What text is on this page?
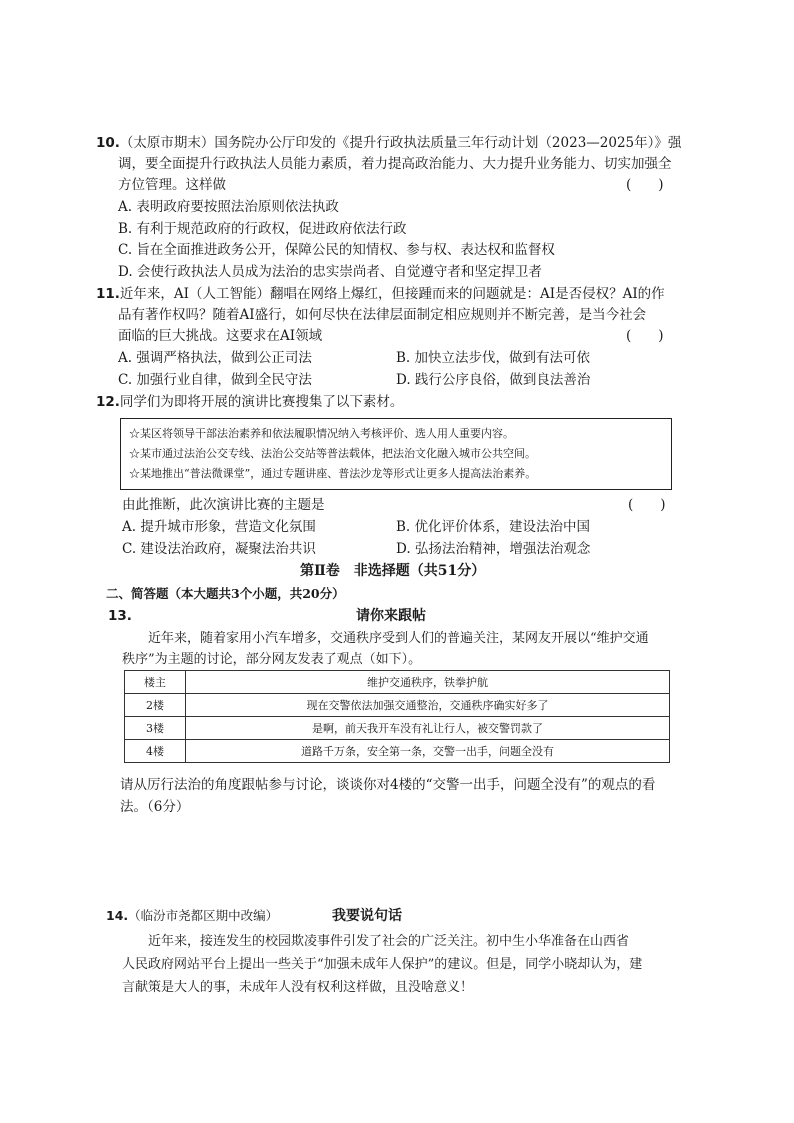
10.（太原市期末）国务院办公厅印发的《提升行政执法质量三年行动计划（2023—2025年）》强
调，要全面提升行政执法人员能力素质，着力提高政治能力、大力提升业务能力、切实加强全
方位管理。这样做	(　　)
A. 表明政府要按照法治原则依法执政
B. 有利于规范政府的行政权，促进政府依法行政
C. 旨在全面推进政务公开，保障公民的知情权、参与权、表达权和监督权
D. 会使行政执法人员成为法治的忠实崇尚者、自觉遵守者和坚定捍卫者
11.近年来，AI（人工智能）翻唱在网络上爆红，但接踵而来的问题就是：AI是否侵权？AI的作
品有著作权吗？随着AI盛行，如何尽快在法律层面制定相应规则并不断完善，是当今社会
面临的巨大挑战。这要求在AI领域	(　　)
A. 强调严格执法，做到公正司法	B. 加快立法步伐，做到有法可依
C. 加强行业自律，做到全民守法	D. 践行公序良俗，做到良法善治
12.同学们为即将开展的演讲比赛搜集了以下素材。
☆某区将领导干部法治素养和依法履职情况纳入考核评价、选人用人重要内容。
☆某市通过法治公交专线、法治公交站等普法载体，把法治文化融入城市公共空间。
☆某地推出“普法微课堂”，通过专题讲座、普法沙龙等形式让更多人提高法治素养。
由此推断，此次演讲比赛的主题是	(　　)
A. 提升城市形象，营造文化氛围	B. 优化评价体系，建设法治中国
C. 建设法治政府，凝聚法治共识	D. 弘扬法治精神，增强法治观念
第Ⅱ卷　非选择题（共51分）
二、简答题（本大题共3个小题，共20分）
13.	请你来跟帖
近年来，随着家用小汽车增多，交通秩序受到人们的普遍关注，某网友开展以“维护交通
秩序”为主题的讨论，部分网友发表了观点（如下）。
楼主	维护交通秩序，铁拳护航
2楼	现在交警依法加强交通整治，交通秩序确实好多了
3楼	是啊，前天我开车没有礼让行人，被交警罚款了
4楼	道路千万条，安全第一条，交警一出手，问题全没有
请从厉行法治的角度跟帖参与讨论，谈谈你对4楼的“交警一出手，问题全没有”的观点的看
法。（6分）
14.（临汾市尧都区期中改编）	我要说句话
近年来，接连发生的校园欺凌事件引发了社会的广泛关注。初中生小华准备在山西省
人民政府网站平台上提出一些关于“加强未成年人保护”的建议。但是，同学小晓却认为，建
言献策是大人的事，未成年人没有权利这样做，且没啥意义！
